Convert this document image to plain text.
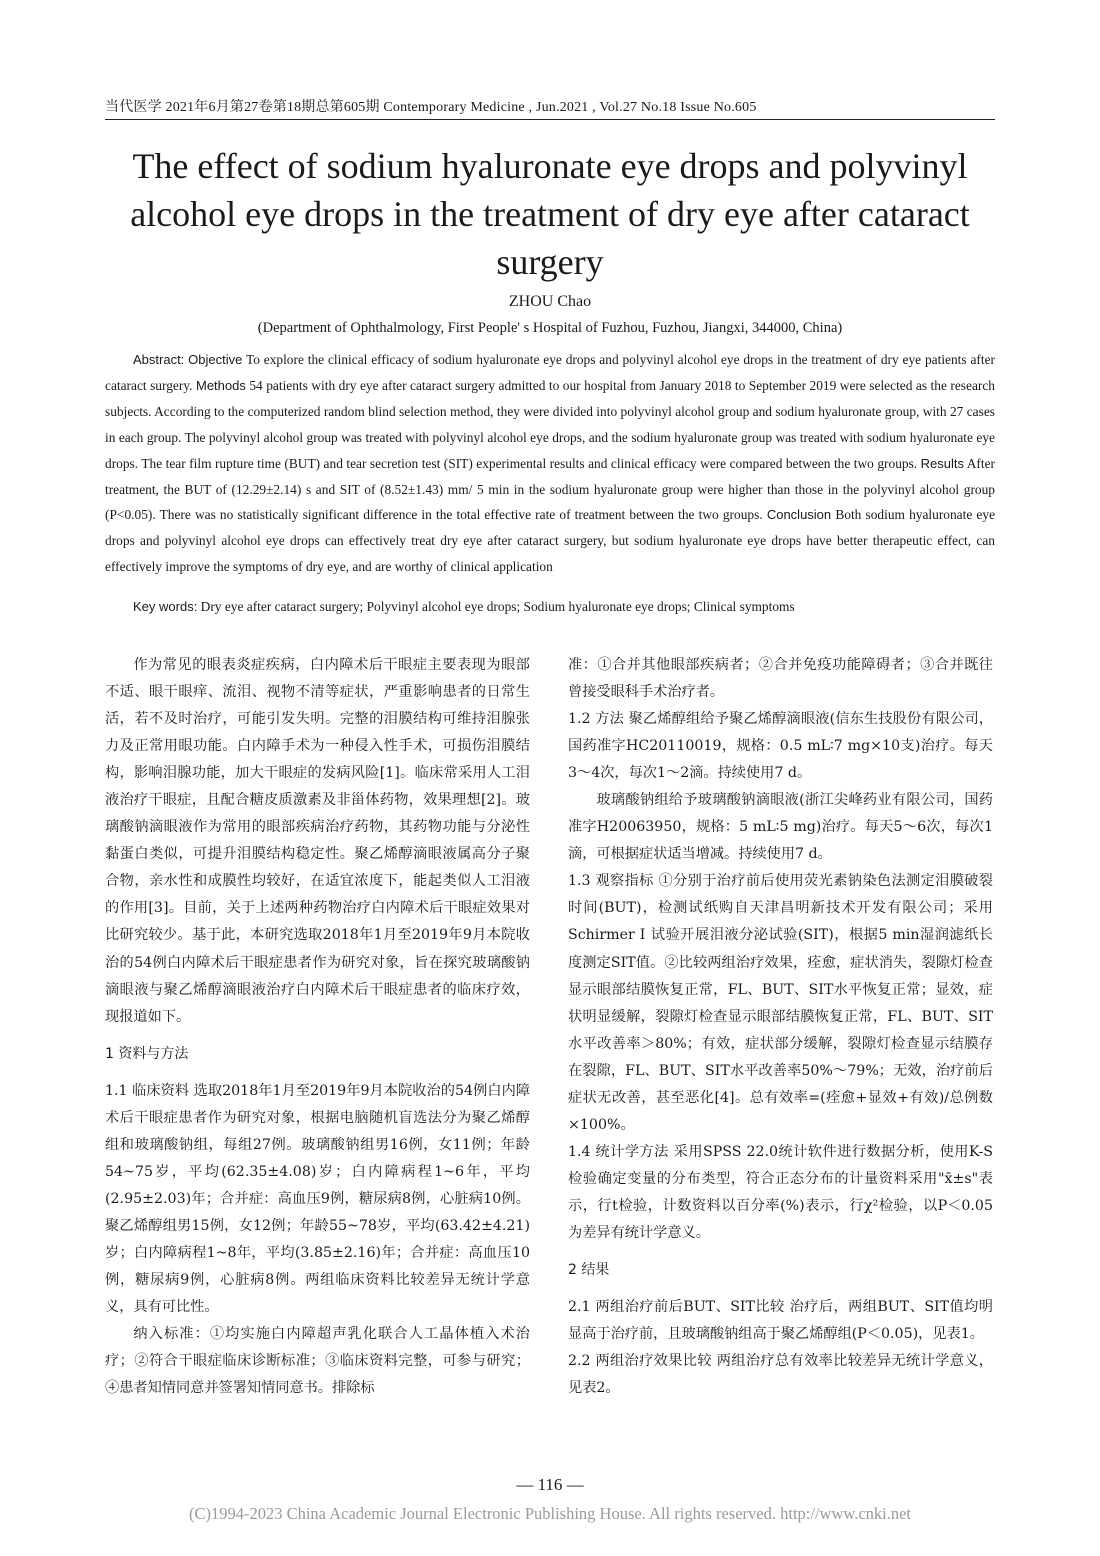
当代医学 2021年6月第27卷第18期总第605期 Contemporary Medicine , Jun.2021 , Vol.27 No.18 Issue No.605
The effect of sodium hyaluronate eye drops and polyvinyl alcohol eye drops in the treatment of dry eye after cataract surgery
ZHOU Chao
(Department of Ophthalmology, First People' s Hospital of Fuzhou, Fuzhou, Jiangxi, 344000, China)
Abstract: Objective To explore the clinical efficacy of sodium hyaluronate eye drops and polyvinyl alcohol eye drops in the treatment of dry eye patients after cataract surgery. Methods 54 patients with dry eye after cataract surgery admitted to our hospital from January 2018 to September 2019 were selected as the research subjects. According to the computerized random blind selection method, they were divided into polyvinyl alcohol group and sodium hyaluronate group, with 27 cases in each group. The polyvinyl alcohol group was treated with polyvinyl alcohol eye drops, and the sodium hyaluronate group was treated with sodium hyaluronate eye drops. The tear film rupture time (BUT) and tear secretion test (SIT) experimental results and clinical efficacy were compared between the two groups. Results After treatment, the BUT of (12.29±2.14) s and SIT of (8.52±1.43) mm/ 5 min in the sodium hyaluronate group were higher than those in the polyvinyl alcohol group (P<0.05). There was no statistically significant difference in the total effective rate of treatment between the two groups. Conclusion Both sodium hyaluronate eye drops and polyvinyl alcohol eye drops can effectively treat dry eye after cataract surgery, but sodium hyaluronate eye drops have better therapeutic effect, can effectively improve the symptoms of dry eye, and are worthy of clinical application
Key words: Dry eye after cataract surgery; Polyvinyl alcohol eye drops; Sodium hyaluronate eye drops; Clinical symptoms

作为常见的眼表炎症疾病，白内障术后干眼症主要表现为眼部不适、眼干眼痒、流泪、视物不清等症状，严重影响患者的日常生活，若不及时治疗，可能引发失明。完整的泪膜结构可维持泪腺张力及正常用眼功能。白内障手术为一种侵入性手术，可损伤泪膜结构，影响泪腺功能，加大干眼症的发病风险[1]。临床常采用人工泪液治疗干眼症，且配合糖皮质激素及非甾体药物，效果理想[2]。玻璃酸钠滴眼液作为常用的眼部疾病治疗药物，其药物功能与分泌性黏蛋白类似，可提升泪膜结构稳定性。聚乙烯醇滴眼液属高分子聚合物，亲水性和成膜性均较好，在适宜浓度下，能起类似人工泪液的作用[3]。目前，关于上述两种药物治疗白内障术后干眼症效果对比研究较少。基于此，本研究选取2018年1月至2019年9月本院收治的54例白内障术后干眼症患者作为研究对象，旨在探究玻璃酸钠滴眼液与聚乙烯醇滴眼液治疗白内障术后干眼症患者的临床疗效，现报道如下。

1 资料与方法

1.1 临床资料 选取2018年1月至2019年9月本院收治的54例白内障术后干眼症患者作为研究对象，根据电脑随机盲选法分为聚乙烯醇组和玻璃酸钠组，每组27例。玻璃酸钠组男16例，女11例；年龄54~75岁，平均(62.35±4.08)岁；白内障病程1~6年，平均(2.95±2.03)年；合并症：高血压9例，糖尿病8例，心脏病10例。聚乙烯醇组男15例，女12例；年龄55~78岁，平均(63.42±4.21)岁；白内障病程1~8年，平均(3.85±2.16)年；合并症：高血压10例，糖尿病9例，心脏病8例。两组临床资料比较差异无统计学意义，具有可比性。

纳入标准：①均实施白内障超声乳化联合人工晶体植入术治疗；②符合干眼症临床诊断标准；③临床资料完整，可参与研究；④患者知情同意并签署知情同意书。排除标

准：①合并其他眼部疾病者；②合并免疫功能障碍者；③合并既往曾接受眼科手术治疗者。

1.2 方法 聚乙烯醇组给予聚乙烯醇滴眼液(信东生技股份有限公司，国药准字HC20110019，规格：0.5 mL∶7 mg×10支)治疗。每天3～4次，每次1～2滴。持续使用7 d。

玻璃酸钠组给予玻璃酸钠滴眼液(浙江尖峰药业有限公司，国药准字H20063950，规格：5 mL∶5 mg)治疗。每天5～6次，每次1滴，可根据症状适当增减。持续使用7 d。

1.3 观察指标 ①分别于治疗前后使用荧光素钠染色法测定泪膜破裂时间(BUT)，检测试纸购自天津昌明新技术开发有限公司；采用 Schirmer Ⅰ 试验开展泪液分泌试验(SIT)，根据5 min湿润滤纸长度测定SIT值。②比较两组治疗效果，痊愈，症状消失，裂隙灯检查显示眼部结膜恢复正常，FL、BUT、SIT水平恢复正常；显效，症状明显缓解，裂隙灯检查显示眼部结膜恢复正常，FL、BUT、SIT水平改善率＞80%；有效，症状部分缓解，裂隙灯检查显示结膜存在裂隙，FL、BUT、SIT水平改善率50%～79%；无效，治疗前后症状无改善，甚至恶化[4]。总有效率=(痊愈+显效+有效)/总例数×100%。

1.4 统计学方法 采用SPSS 22.0统计软件进行数据分析，使用K-S检验确定变量的分布类型，符合正态分布的计量资料采用"x̄±s"表示，行t检验，计数资料以百分率(%)表示，行χ²检验，以P＜0.05为差异有统计学意义。

2 结果

2.1 两组治疗前后BUT、SIT比较 治疗后，两组BUT、SIT值均明显高于治疗前，且玻璃酸钠组高于聚乙烯醇组(P＜0.05)，见表1。

2.2 两组治疗效果比较 两组治疗总有效率比较差异无统计学意义，见表2。

— 116 —
(C)1994-2023 China Academic Journal Electronic Publishing House. All rights reserved. http://www.cnki.net
